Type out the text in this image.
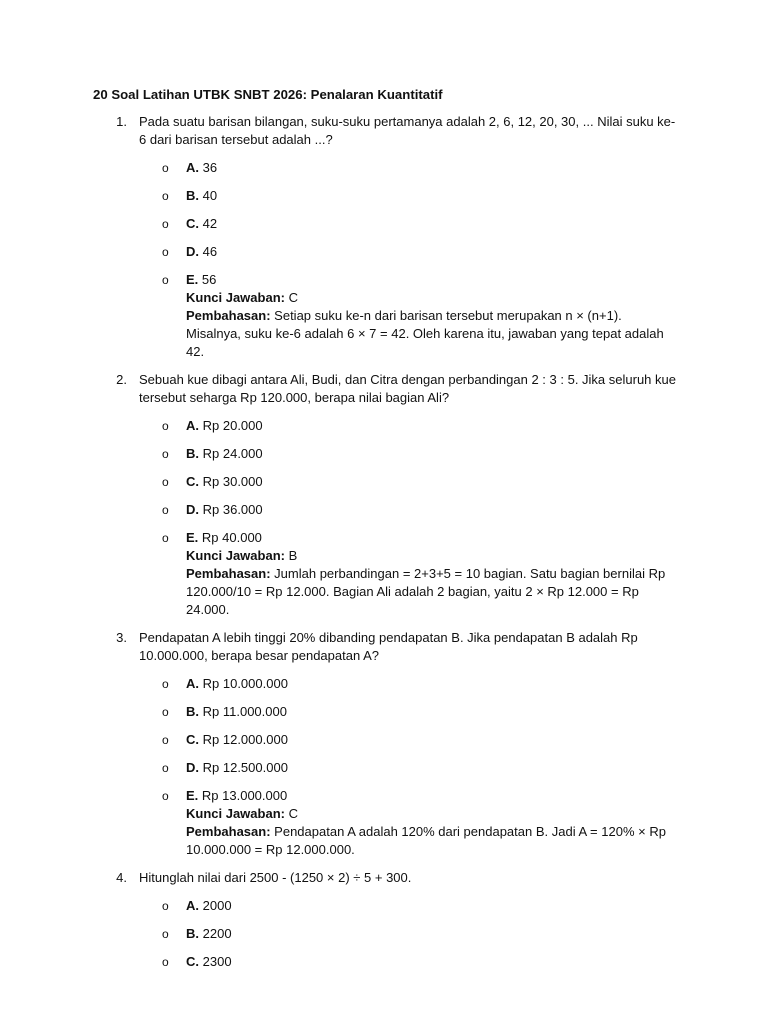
20 Soal Latihan UTBK SNBT 2026: Penalaran Kuantitatif
1. Pada suatu barisan bilangan, suku-suku pertamanya adalah 2, 6, 12, 20, 30, ... Nilai suku ke-6 dari barisan tersebut adalah ...?
o A. 36
o B. 40
o C. 42
o D. 46
o E. 56
Kunci Jawaban: C
Pembahasan: Setiap suku ke-n dari barisan tersebut merupakan n × (n+1). Misalnya, suku ke-6 adalah 6 × 7 = 42. Oleh karena itu, jawaban yang tepat adalah 42.
2. Sebuah kue dibagi antara Ali, Budi, dan Citra dengan perbandingan 2 : 3 : 5. Jika seluruh kue tersebut seharga Rp 120.000, berapa nilai bagian Ali?
o A. Rp 20.000
o B. Rp 24.000
o C. Rp 30.000
o D. Rp 36.000
o E. Rp 40.000
Kunci Jawaban: B
Pembahasan: Jumlah perbandingan = 2+3+5 = 10 bagian. Satu bagian bernilai Rp 120.000/10 = Rp 12.000. Bagian Ali adalah 2 bagian, yaitu 2 × Rp 12.000 = Rp 24.000.
3. Pendapatan A lebih tinggi 20% dibanding pendapatan B. Jika pendapatan B adalah Rp 10.000.000, berapa besar pendapatan A?
o A. Rp 10.000.000
o B. Rp 11.000.000
o C. Rp 12.000.000
o D. Rp 12.500.000
o E. Rp 13.000.000
Kunci Jawaban: C
Pembahasan: Pendapatan A adalah 120% dari pendapatan B. Jadi A = 120% × Rp 10.000.000 = Rp 12.000.000.
4. Hitunglah nilai dari 2500 - (1250 × 2) ÷ 5 + 300.
o A. 2000
o B. 2200
o C. 2300
